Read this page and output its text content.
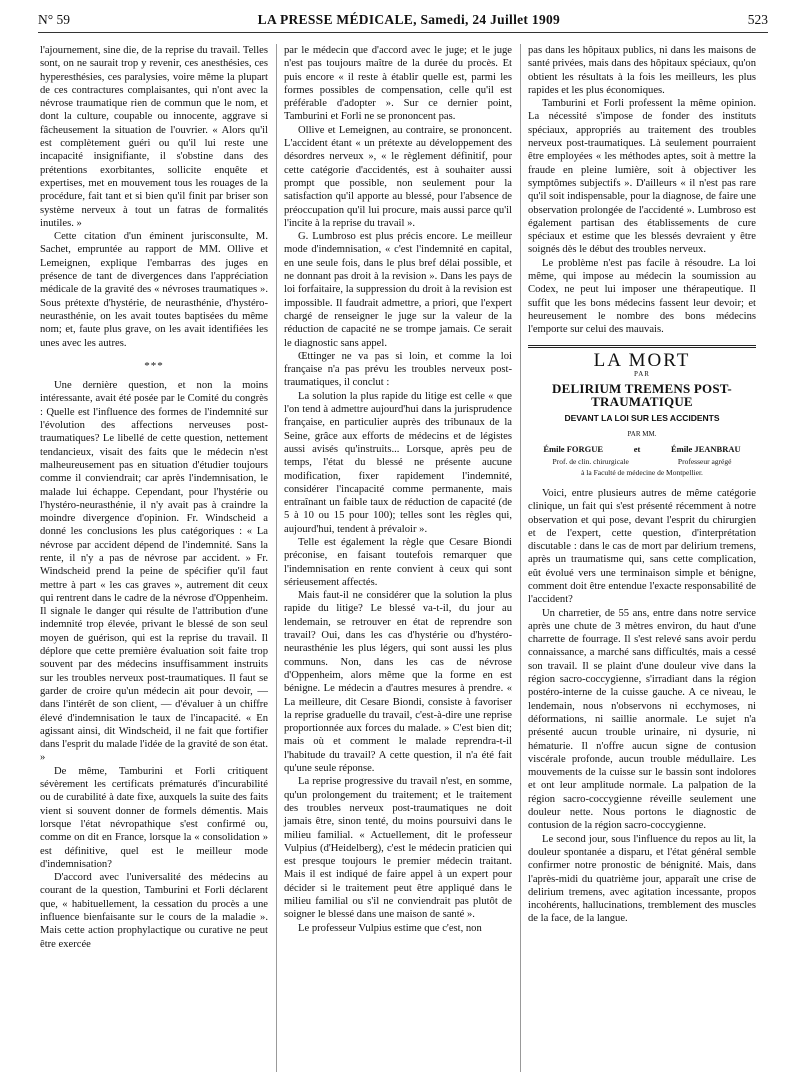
N° 59	LA PRESSE MÉDICALE, Samedi, 24 Juillet 1909	523

l'ajournement, sine die, de la reprise du travail. Telles sont, on ne saurait trop y revenir, ces anesthésies, ces hyperesthésies, ces paralysies, voire même la plupart de ces contractures complaisantes, qui n'ont avec la névrose traumatique rien de commun que le nom, et dont la culture, coupable ou innocente, aggrave si fâcheusement la situation de l'ouvrier. « Alors qu'il est complètement guéri ou qu'il lui reste une incapacité insignifiante, il s'obstine dans des prétentions exorbitantes, sollicite enquête et expertises, met en mouvement tous les rouages de la procédure, fait tant et si bien qu'il finit par briser son système nerveux à tout un fatras de formalités inutiles. »

Cette citation d'un éminent jurisconsulte, M. Sachet, empruntée au rapport de MM. Ollive et Lemeignen, explique l'embarras des juges en présence de tant de divergences dans l'appréciation médicale de la gravité des « névroses traumatiques ». Sous prétexte d'hystérie, de neurasthénie, d'hystéro-neurasthénie, on les avait toutes baptisées du même nom; et, faute plus grave, on les avait identifiées les unes avec les autres.

***

Une dernière question, et non la moins intéressante, avait été posée par le Comité du congrès : Quelle est l'influence des formes de l'indemnité sur l'évolution des affections nerveuses post-traumatiques? Le libellé de cette question, nettement tendancieux, visait des faits que le médecin n'est malheureusement pas en situation d'étudier toujours comme il conviendrait; car après l'indemnisation, le malade lui échappe. Cependant, pour l'hystérie ou l'hystéro-neurasthénie, il n'y avait pas à craindre la moindre divergence d'opinion. Fr. Windscheid a donné les conclusions les plus catégoriques : « La névrose par accident dépend de l'indemnité. Sans la rente, il n'y a pas de névrose par accident. » Fr. Windscheid prend la peine de spécifier qu'il faut mettre à part « les cas graves », autrement dit ceux qui rentrent dans le cadre de la névrose d'Oppenheim. Il signale le danger qui résulte de l'attribution d'une indemnité trop élevée, privant le blessé de son seul moyen de guérison, qui est la reprise du travail. Il déplore que cette première évaluation soit faite trop souvent par des médecins insuffisamment instruits sur les troubles nerveux post-traumatiques. Il faut se garder de croire qu'un médecin ait pour devoir, — dans l'intérêt de son client, — d'évaluer à un chiffre élevé d'indemnisation le taux de l'incapacité. « En agissant ainsi, dit Windscheid, il ne fait que fortifier dans l'esprit du malade l'idée de la gravité de son état. »

De même, Tamburini et Forli critiquent sévèrement les certificats prématurés d'incurabilité ou de curabilité à date fixe, auxquels la suite des faits vient si souvent donner de formels démentis. Mais lorsque l'état névropathique s'est confirmé ou, comme on dit en France, lorsque la « consolidation » est définitive, quel est le meilleur mode d'indemnisation?

D'accord avec l'universalité des médecins au courant de la question, Tamburini et Forli déclarent que, « habituellement, la cessation du procès a une influence bienfaisante sur le cours de la maladie ». Mais cette action prophylactique ou curative ne peut être exercée

par le médecin que d'accord avec le juge; et le juge n'est pas toujours maître de la durée du procès. Et puis encore « il reste à établir quelle est, parmi les formes possibles de compensation, celle qu'il est préférable d'adopter ». Sur ce dernier point, Tamburini et Forli ne se prononcent pas.

Ollive et Lemeignen, au contraire, se prononcent. L'accident étant « un prétexte au développement des désordres nerveux », « le règlement définitif, pour cette catégorie d'accidentés, est à souhaiter aussi prompt que possible, non seulement pour la satisfaction qu'il apporte au blessé, pour l'absence de préoccupation qu'il lui procure, mais aussi parce qu'il l'incite à la reprise du travail ».

G. Lumbroso est plus précis encore. Le meilleur mode d'indemnisation, « c'est l'indemnité en capital, en une seule fois, dans le plus bref délai possible, et ne donnant pas droit à la revision ». Dans les pays de loi forfaitaire, la suppression du droit à la revision est impossible. Il faudrait admettre, a priori, que l'expert chargé de renseigner le juge sur la valeur de la réduction de capacité ne se trompe jamais. Ce serait le diagnostic sans appel.

Œttinger ne va pas si loin, et comme la loi française n'a pas prévu les troubles nerveux post-traumatiques, il conclut :

La solution la plus rapide du litige est celle « que l'on tend à admettre aujourd'hui dans la jurisprudence française, en particulier auprès des tribunaux de la Seine, grâce aux efforts de médecins et de légistes aussi avisés qu'instruits... Lorsque, après peu de temps, l'état du blessé ne présente aucune modification, fixer rapidement l'indemnité, considérer l'incapacité comme permanente, mais entraînant un faible taux de réduction de capacité (de 5 à 10 ou 15 pour 100); telles sont les règles qui, aujourd'hui, tendent à prévaloir ».

Telle est également la règle que Cesare Biondi préconise, en faisant toutefois remarquer que l'indemnisation en rente convient à ceux qui sont sérieusement affectés.

Mais faut-il ne considérer que la solution la plus rapide du litige? Le blessé va-t-il, du jour au lendemain, se retrouver en état de reprendre son travail? Oui, dans les cas d'hystérie ou d'hystéro-neurasthénie les plus légers, qui sont aussi les plus communs. Non, dans les cas de névrose d'Oppenheim, alors même que la forme en est bénigne. Le médecin a d'autres mesures à prendre. « La meilleure, dit Cesare Biondi, consiste à favoriser la reprise graduelle du travail, c'est-à-dire une reprise proportionnée aux forces du malade. » C'est bien dit; mais où et comment le malade reprendra-t-il l'habitude du travail? A cette question, il n'a été fait qu'une seule réponse.

La reprise progressive du travail n'est, en somme, qu'un prolongement du traitement; et le traitement des troubles nerveux post-traumatiques ne doit jamais être, sinon tenté, du moins poursuivi dans le milieu familial. « Actuellement, dit le professeur Vulpius (d'Heidelberg), c'est le médecin praticien qui est presque toujours le premier médecin traitant. Mais il est indiqué de faire appel à un expert pour décider si le traitement peut être appliqué dans le milieu familial ou s'il ne conviendrait pas plutôt de soigner le blessé dans une maison de santé ».

Le professeur Vulpius estime que c'est, non

pas dans les hôpitaux publics, ni dans les maisons de santé privées, mais dans des hôpitaux spéciaux, qu'on obtient les résultats à la fois les meilleurs, les plus rapides et les plus économiques.

Tamburini et Forli professent la même opinion. La nécessité s'impose de fonder des instituts spéciaux, appropriés au traitement des troubles nerveux post-traumatiques. Là seulement pourraient être employées « les méthodes aptes, soit à mettre la fraude en pleine lumière, soit à objectiver les symptômes subjectifs ». D'ailleurs « il n'est pas rare qu'il soit indispensable, pour la diagnose, de faire une observation prolongée de l'accidenté ». Lumbroso est également partisan des établissements de cure spéciaux et estime que les blessés devraient y être soignés dès le début des troubles nerveux.

Le problème n'est pas facile à résoudre. La loi même, qui impose au médecin la soumission au Codex, ne peut lui imposer une thérapeutique. Il suffit que les bons médecins fassent leur devoir; et heureusement le nombre des bons médecins l'emporte sur celui des mauvais.

LA MORT
PAR
DELIRIUM TREMENS POST-TRAUMATIQUE
DEVANT LA LOI SUR LES ACCIDENTS
PAR MM.
Émile FORGUE	et	Émile JEANBRAU
Prof. de clin. chirurgicale	Professeur agrégé
à la Faculté de médecine de Montpellier.

Voici, entre plusieurs autres de même catégorie clinique, un fait qui s'est présenté récemment à notre observation et qui pose, devant l'esprit du chirurgien et de l'expert, cette question, d'interprétation discutable : dans le cas de mort par delirium tremens, après un traumatisme qui, sans cette complication, eût évolué vers une terminaison simple et bénigne, comment doit être entendue l'exacte responsabilité de l'accident?

Un charretier, de 55 ans, entre dans notre service après une chute de 3 mètres environ, du haut d'une charrette de fourrage. Il s'est relevé sans avoir perdu connaissance, a marché sans difficultés, mais a cessé son travail. Il se plaint d'une douleur vive dans la région sacro-coccygienne, s'irradiant dans la région postéro-interne de la cuisse gauche. A ce niveau, le lendemain, nous n'observons ni ecchymoses, ni déformations, ni saillie anormale. Le sujet n'a présenté aucun trouble urinaire, ni dysurie, ni hématurie. Il n'offre aucun signe de contusion viscérale profonde, aucun trouble médullaire. Les mouvements de la cuisse sur le bassin sont indolores et ont leur amplitude normale. La palpation de la région sacro-coccygienne réveille seulement une douleur nette. Nous portons le diagnostic de contusion de la région sacro-coccygienne.

Le second jour, sous l'influence du repos au lit, la douleur spontanée a disparu, et l'état général semble confirmer notre pronostic de bénignité. Mais, dans l'après-midi du quatrième jour, apparaît une crise de delirium tremens, avec agitation incessante, propos incohérents, hallucinations, tremblement des muscles de la face, de la langue.
